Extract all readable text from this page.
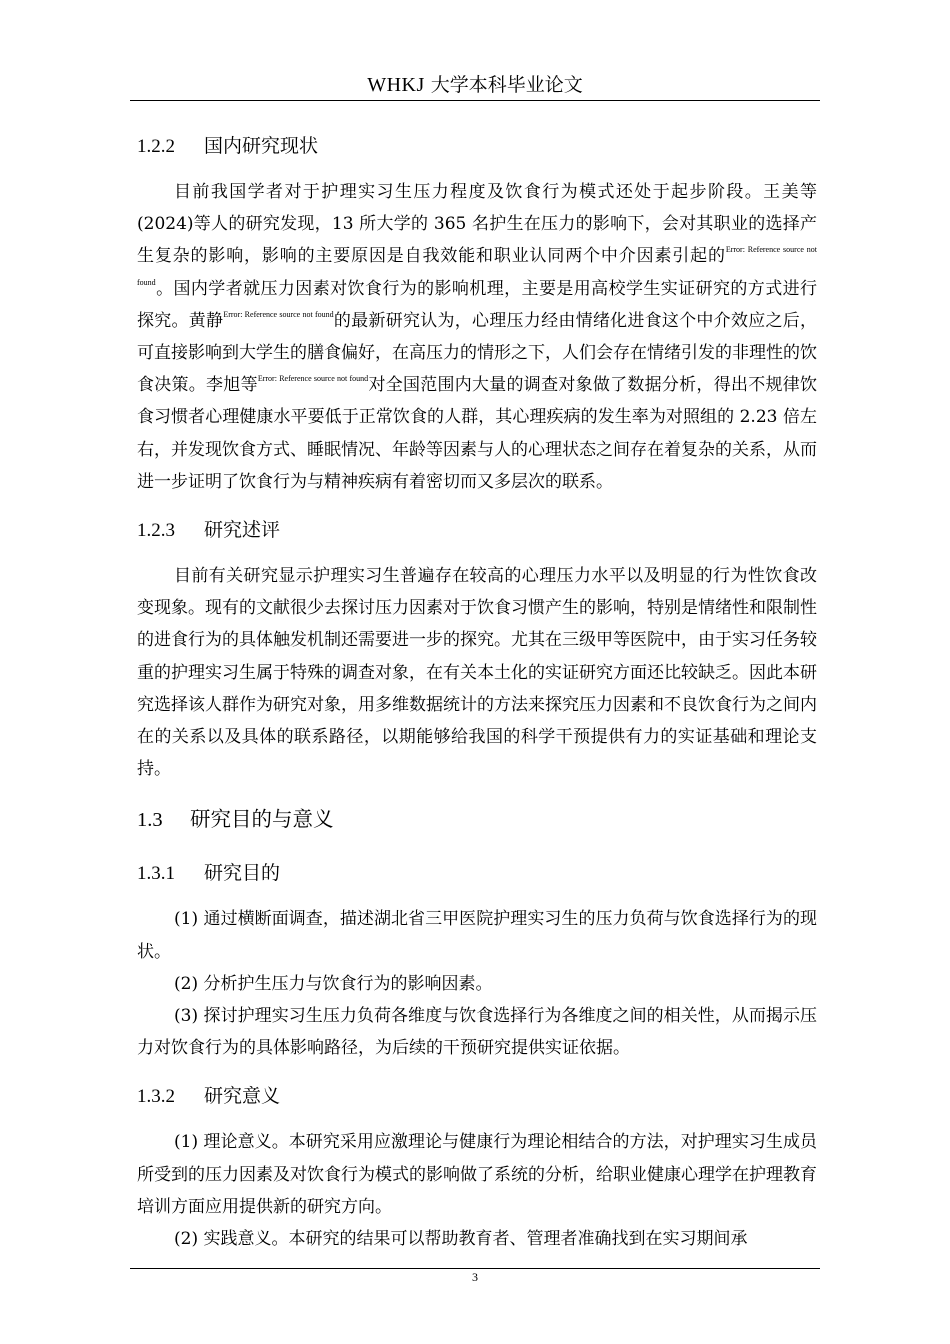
WHKJ 大学本科毕业论文
1.2.2 国内研究现状

目前我国学者对于护理实习生压力程度及饮食行为模式还处于起步阶段。王美等 (2024)等人的研究发现，13 所大学的 365 名护生在压力的影响下，会对其职业的选择产生复杂的影响，影响的主要原因是自我效能和职业认同两个中介因素引起的$^{Error: Reference source not found}$。国内学者就压力因素对饮食行为的影响机理，主要是用高校学生实证研究的方式进行探究。黄静$^{Error: Reference source not found}$的最新研究认为，心理压力经由情绪化进食这个中介效应之后，可直接影响到大学生的膳食偏好，在高压力的情形之下，人们会存在情绪引发的非理性的饮食决策。李旭等$^{Error: Reference source not found}$对全国范围内大量的调查对象做了数据分析，得出不规律饮食习惯者心理健康水平要低于正常饮食的人群，其心理疾病的发生率为对照组的 2.23 倍左右，并发现饮食方式、睡眠情况、年龄等因素与人的心理状态之间存在着复杂的关系，从而进一步证明了饮食行为与精神疾病有着密切而又多层次的联系。

1.2.3 研究述评

目前有关研究显示护理实习生普遍存在较高的心理压力水平以及明显的行为性饮食改变现象。现有的文献很少去探讨压力因素对于饮食习惯产生的影响，特别是情绪性和限制性的进食行为的具体触发机制还需要进一步的探究。尤其在三级甲等医院中，由于实习任务较重的护理实习生属于特殊的调查对象，在有关本土化的实证研究方面还比较缺乏。因此本研究选择该人群作为研究对象，用多维数据统计的方法来探究压力因素和不良饮食行为之间内在的关系以及具体的联系路径，以期能够给我国的科学干预提供有力的实证基础和理论支持。

1.3 研究目的与意义
1.3.1 研究目的

(1) 通过横断面调查，描述湖北省三甲医院护理实习生的压力负荷与饮食选择行为的现状。

(2) 分析护生压力与饮食行为的影响因素。

(3) 探讨护理实习生压力负荷各维度与饮食选择行为各维度之间的相关性，从而揭示压力对饮食行为的具体影响路径，为后续的干预研究提供实证依据。

1.3.2 研究意义

(1) 理论意义。本研究采用应激理论与健康行为理论相结合的方法，对护理实习生成员所受到的压力因素及对饮食行为模式的影响做了系统的分析，给职业健康心理学在护理教育培训方面应用提供新的研究方向。

(2) 实践意义。本研究的结果可以帮助教育者、管理者准确找到在实习期间承

3
